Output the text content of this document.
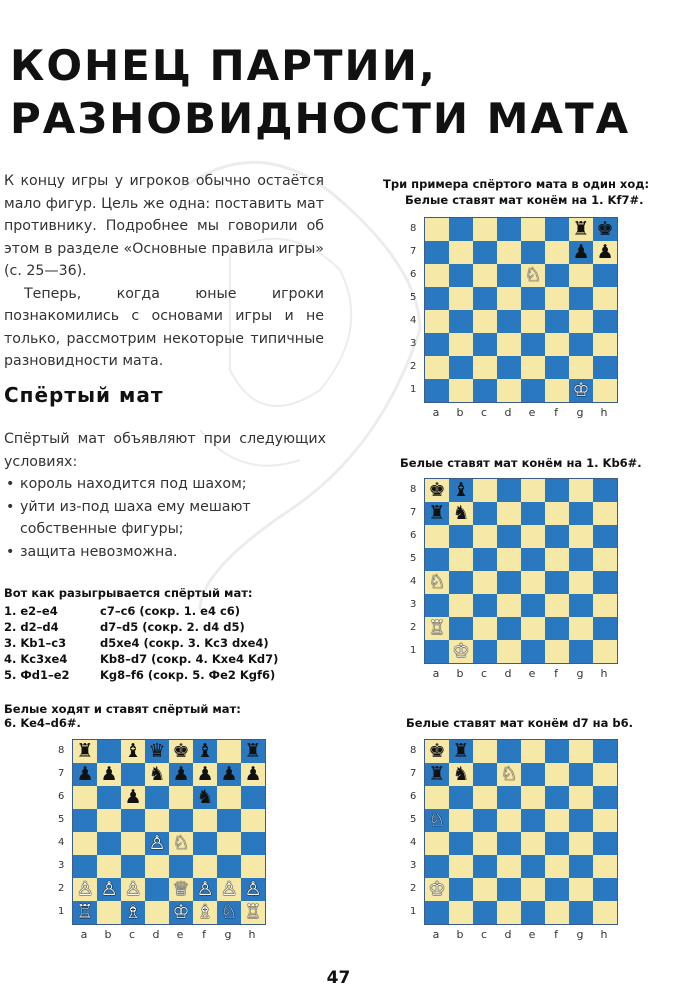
КОНЕЦ ПАРТИИ,
РАЗНОВИДНОСТИ МАТА

К концу игры у игроков обычно остаётся мало фигур. Цель же одна: поставить мат противнику. Подробнее мы говорили об этом в разделе «Основные правила игры» (с. 25—36).

Теперь, когда юные игроки познакомились с основами игры и не только, рассмотрим некоторые типичные разновидности мата.

Спёртый мат

Спёртый мат объявляют при следующих условиях:

• король находится под шахом;
• уйти из-под шаха ему мешают собственные фигуры;
• защита невозможна.
Вот как разыгрывается спёртый мат:
1. e2–e4	c7–c6 (сокр. 1. e4 c6)
2. d2–d4	d7–d5 (сокр. 2. d4 d5)
3. Kb1–c3	d5xe4 (сокр. 3. Kc3 dxe4)
4. Kc3xe4	Kb8–d7 (сокр. 4. Kxe4 Kd7)
5. Фd1–e2	Kg8–f6 (сокр. 5. Фe2 Kgf6)
Белые ходят и ставят спёртый мат:
6. Ke4–d6#.
Три примера спёртого мата в один ход:
Белые ставят мат конём на 1. Kf7#.
Белые ставят мат конём на 1. Kb6#.
Белые ставят мат конём d7 на b6.
8
7
6
5
4
3
2
1
♜ ♚
♟ ♟
♘
♔
a	b	c	d	e	f	g	h
8
7
6
5
4
3
2
1
♚ ♝
♜ ♞
♘
♖
♔
a	b	c	d	e	f	g	h
8
7
6
5
4
3
2
1
♚ ♜
♜ ♞ ♘
♘
♔
a	b	c	d	e	f	g	h
8
7
6
5
4
3
2
1
♜ ♝ ♛ ♚ ♝ ♜
♟ ♟ ♞ ♟ ♟ ♟ ♟
♟	♞
♙ ♘
♙ ♙ ♙ ♕ ♙ ♙ ♙
♖ ♗ ♔ ♗ ♘ ♖
a	b	c	d	e	f	g	h
47
